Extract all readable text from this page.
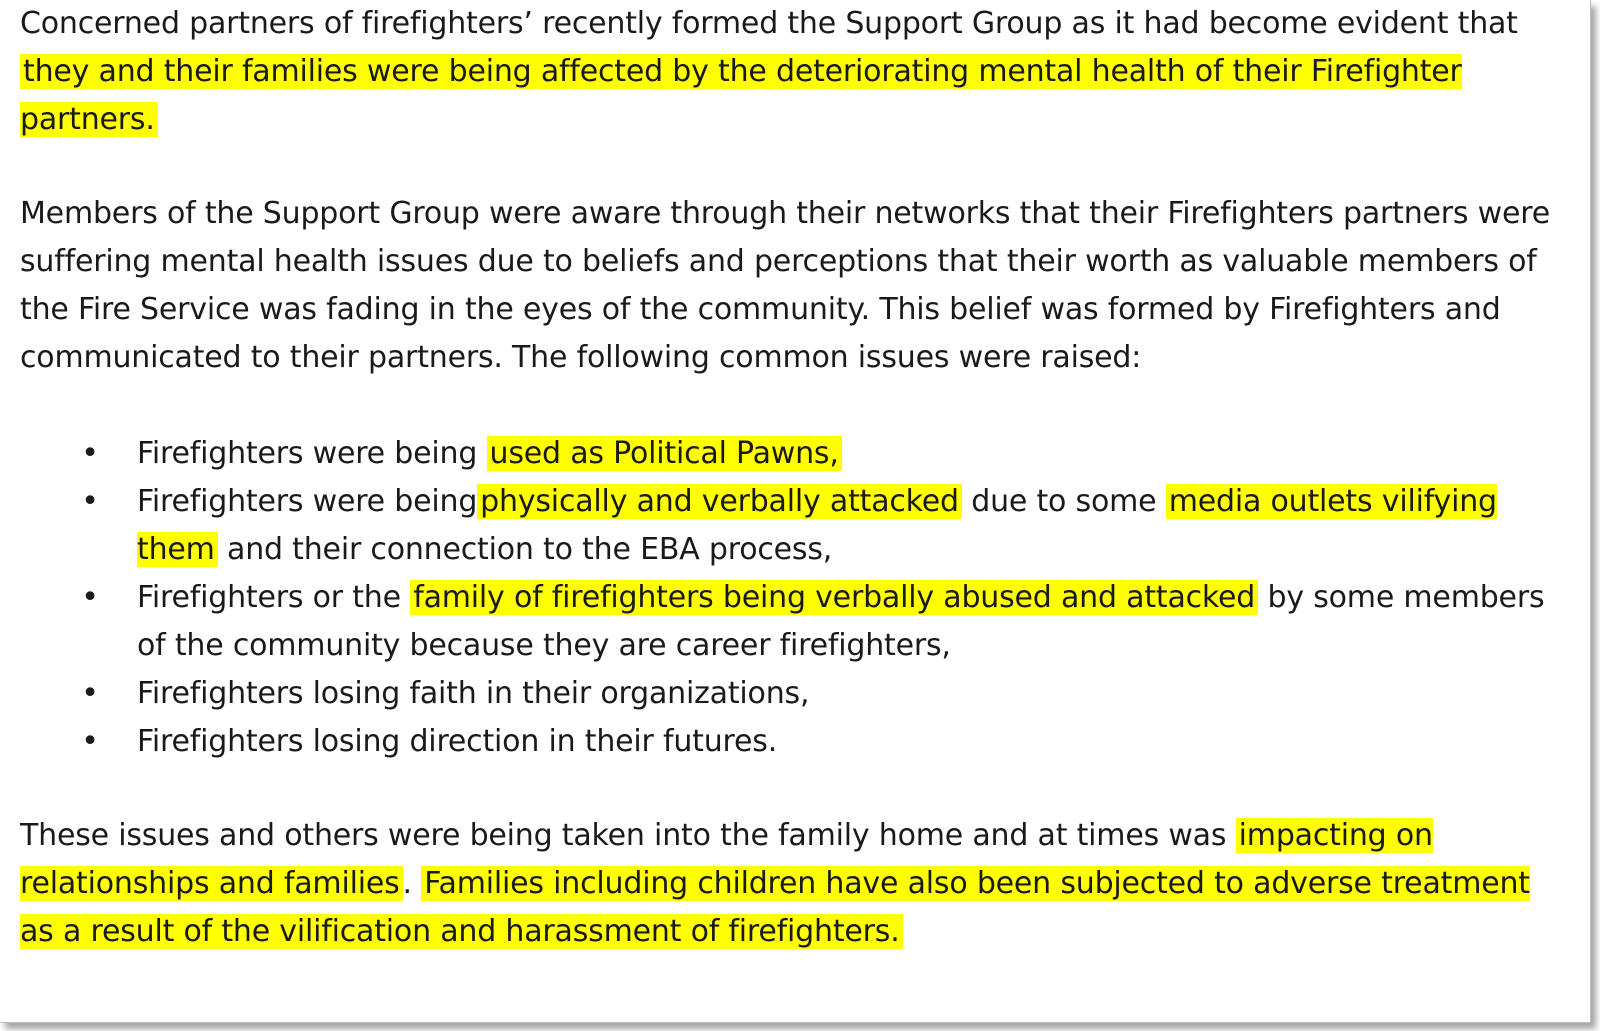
Concerned partners of firefighters’ recently formed the Support Group as it had become evident that they and their families were being affected by the deteriorating mental health of their Firefighter partners.

Members of the Support Group were aware through their networks that their Firefighters partners were suffering mental health issues due to beliefs and perceptions that their worth as valuable members of the Fire Service was fading in the eyes of the community. This belief was formed by Firefighters and communicated to their partners. The following common issues were raised:

• Firefighters were being used as Political Pawns,
• Firefighters were being physically and verbally attacked due to some media outlets vilifying them and their connection to the EBA process,
• Firefighters or the family of firefighters being verbally abused and attacked by some members of the community because they are career firefighters,
• Firefighters losing faith in their organizations,
• Firefighters losing direction in their futures.

These issues and others were being taken into the family home and at times was impacting on relationships and families . Families including children have also been subjected to adverse treatment as a result of the vilification and harassment of firefighters.
